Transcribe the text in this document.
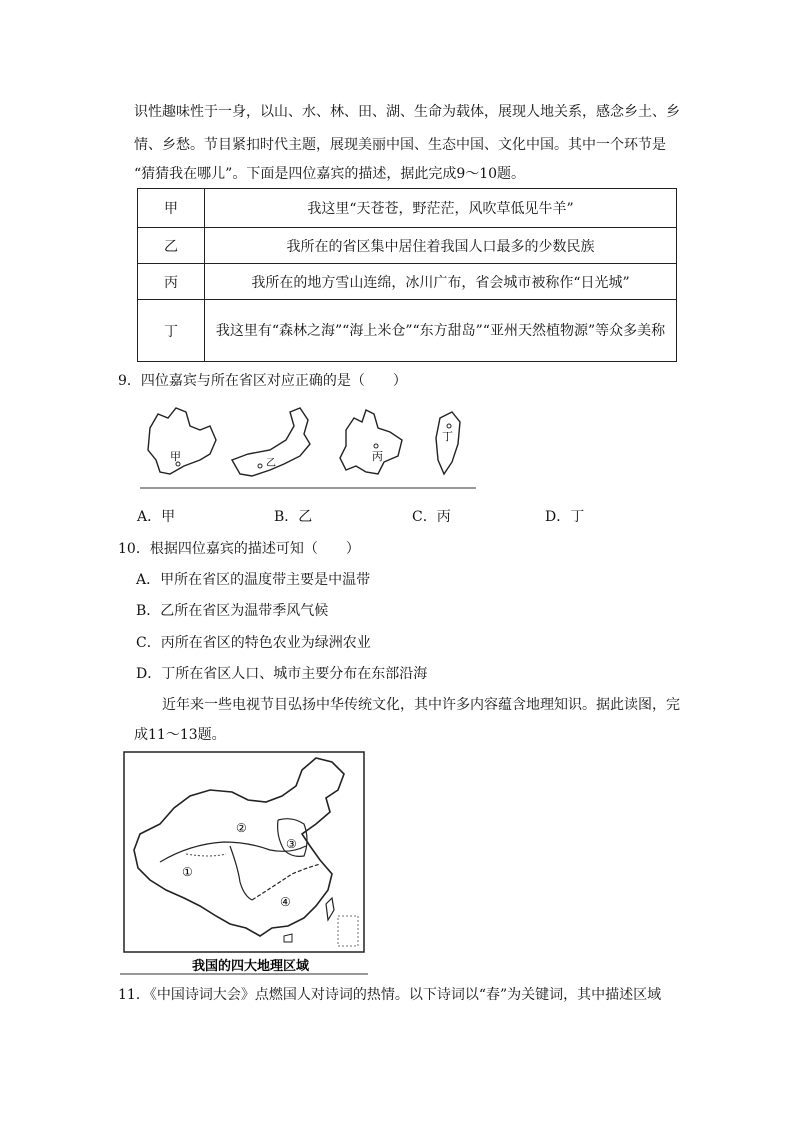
识性趣味性于一身，以山、水、林、田、湖、生命为载体，展现人地关系，感念乡土、乡
情、乡愁。节目紧扣时代主题，展现美丽中国、生态中国、文化中国。其中一个环节是
“猜猜我在哪儿”。下面是四位嘉宾的描述，据此完成9～10题。
甲	我这里“天苍苍，野茫茫，风吹草低见牛羊”
乙	我所在的省区集中居住着我国人口最多的少数民族
丙	我所在的地方雪山连绵，冰川广布，省会城市被称作“日光城”
丁	我这里有“森林之海”“海上米仓”“东方甜岛”“亚州天然植物源”等众多美称
9．四位嘉宾与所在省区对应正确的是（　　）
甲
乙
丙
丁
A．甲	B．乙	C．丙	D．丁
10．根据四位嘉宾的描述可知（　　）
A．甲所在省区的温度带主要是中温带
B．乙所在省区为温带季风气候
C．丙所在省区的特色农业为绿洲农业
D．丁所在省区人口、城市主要分布在东部沿海
近年来一些电视节目弘扬中华传统文化，其中许多内容蕴含地理知识。据此读图，完
成11～13题。
①
②
③
④
我国的四大地理区域
11．《中国诗词大会》点燃国人对诗词的热情。以下诗词以“春”为关键词，其中描述区域
